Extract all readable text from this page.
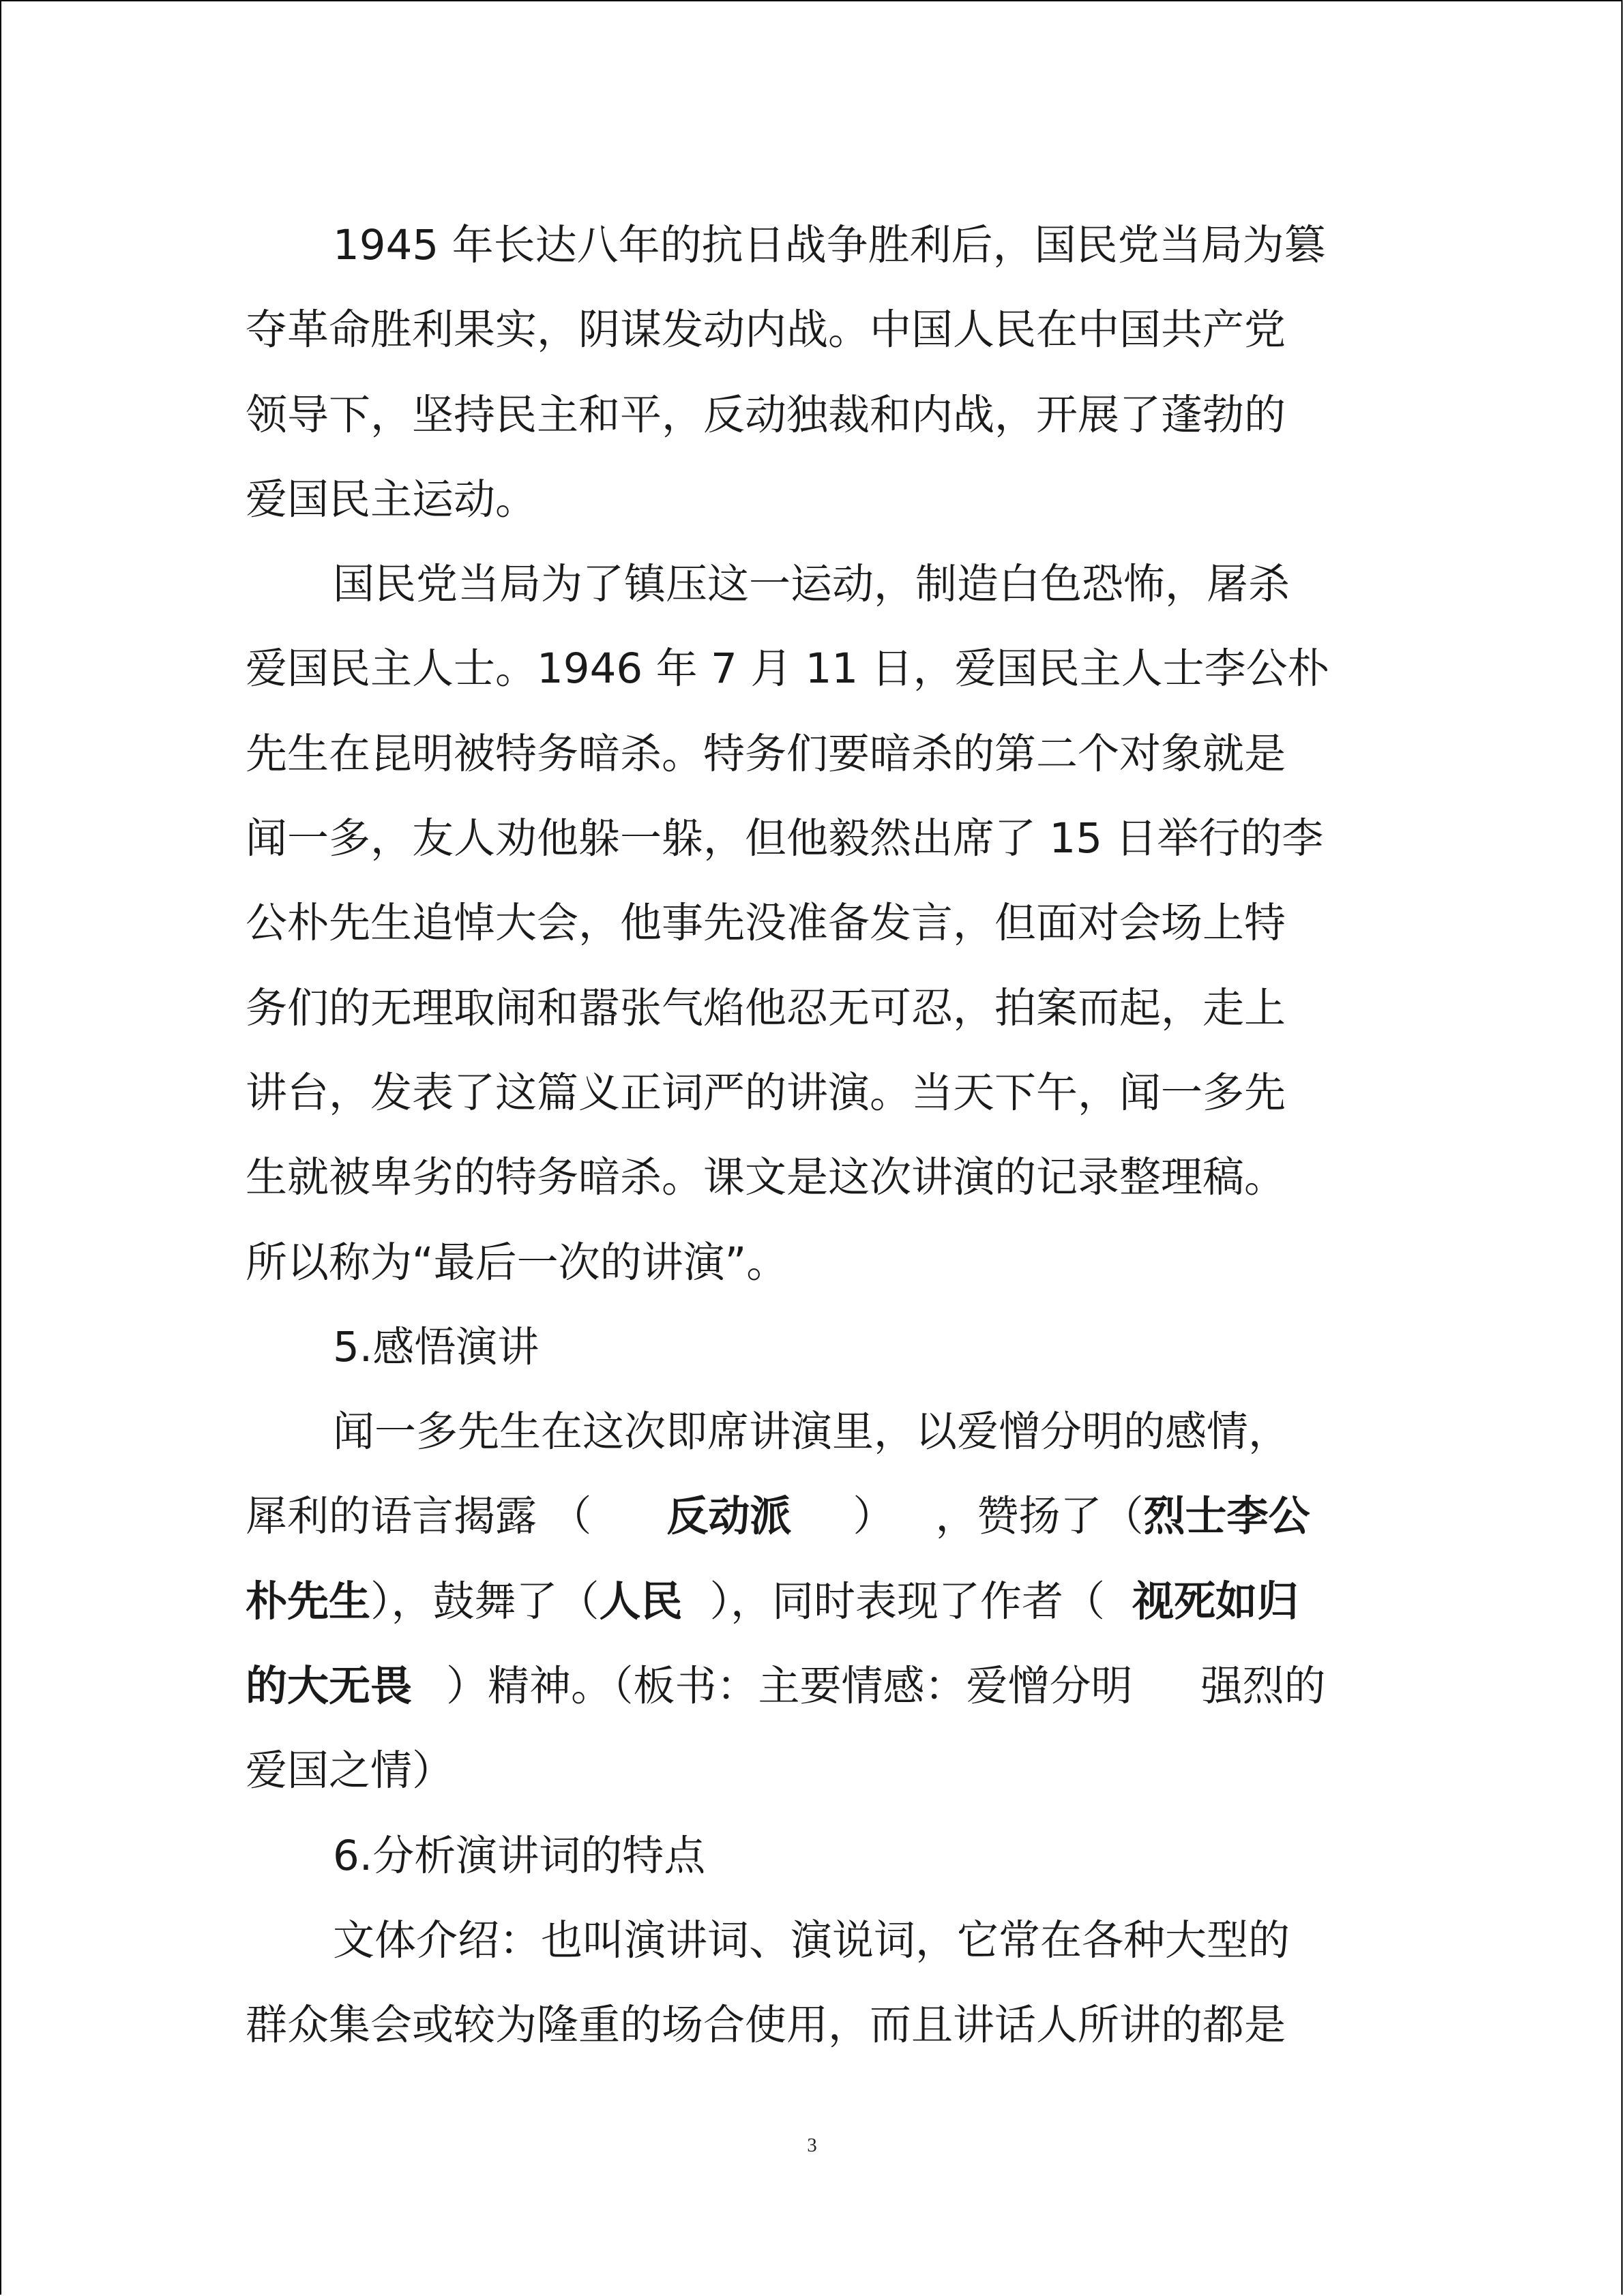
1945 年长达八年的抗日战争胜利后，国民党当局为篡
夺革命胜利果实，阴谋发动内战。中国人民在中国共产党
领导下，坚持民主和平，反动独裁和内战，开展了蓬勃的
爱国民主运动。
国民党当局为了镇压这一运动，制造白色恐怖，屠杀
爱国民主人士。1946 年 7 月 11 日，爱国民主人士李公朴
先生在昆明被特务暗杀。特务们要暗杀的第二个对象就是
闻一多，友人劝他躲一躲，但他毅然出席了 15 日举行的李
公朴先生追悼大会，他事先没准备发言，但面对会场上特
务们的无理取闹和嚣张气焰他忍无可忍，拍案而起，走上
讲台，发表了这篇义正词严的讲演。当天下午，闻一多先
生就被卑劣的特务暗杀。课文是这次讲演的记录整理稿。
所以称为“最后一次的讲演”。
5.感悟演讲
闻一多先生在这次即席讲演里，以爱憎分明的感情，
犀利的语言揭露 （ 反动派 ） ，赞扬了（烈士李公
朴先生），鼓舞了（人民 ），同时表现了作者（ 视死如归
的大无畏 ）精神。（板书：主要情感：爱憎分明 强烈的
爱国之情）
6.分析演讲词的特点
文体介绍：也叫演讲词、演说词，它常在各种大型的
群众集会或较为隆重的场合使用，而且讲话人所讲的都是
3
